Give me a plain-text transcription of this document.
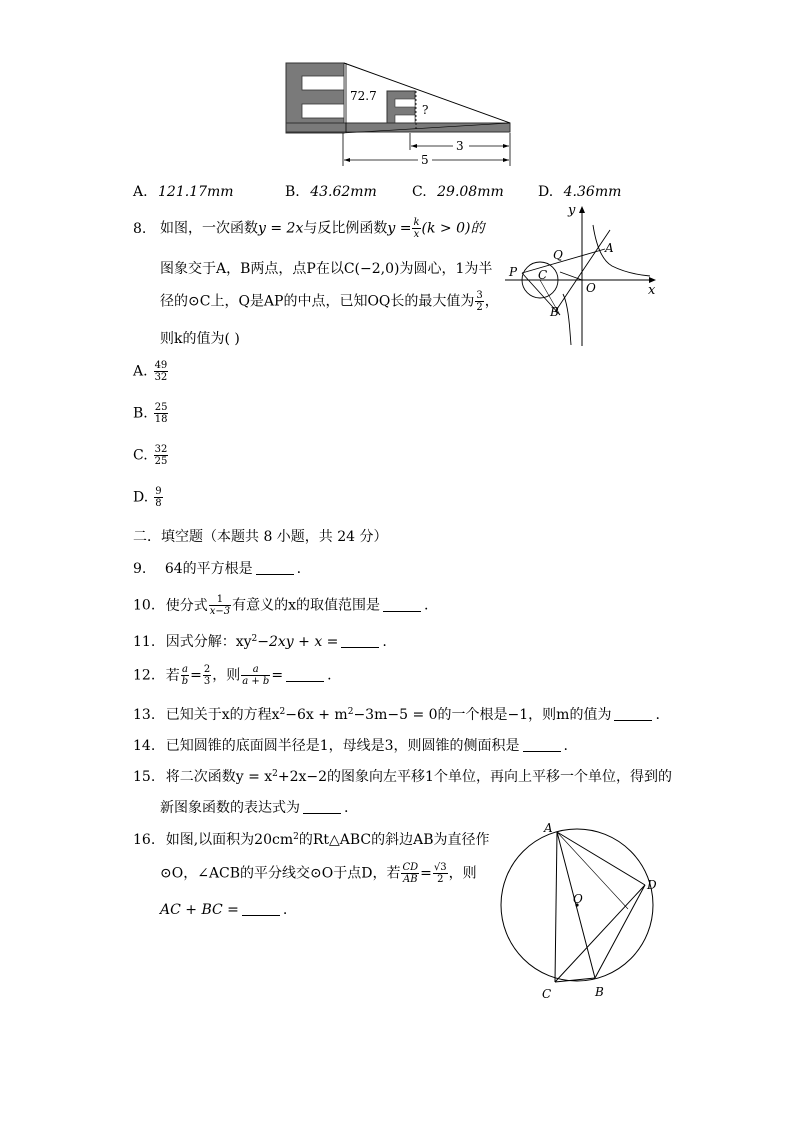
72.7
?
3
5
A. 121.17mm	B. 43.62mm	C. 29.08mm D. 4.36mm
8. 如图，一次函数y = 2x与反比例函数$y = \frac{k}{x} (k > 0)$的
图象交于A，B两点，点P在以C(−2,0)为圆心，1为半
径的⊙C上，Q是AP的中点，已知OQ长的最大值为 $\frac{3}{2}$ ，
则k的值为( )
y
x
O
A
B
C
P
Q
A. $\frac{49}{32}$
B. $\frac{25}{18}$
C. $\frac{32}{25}$
D. $\frac{9}{8}$
二．填空题（本题共 8 小题，共 24 分）
9. 64的平方根是	.
10. 使分式 $\frac{1}{x-3}$ 有意义的x的取值范围是	.
11. 因式分解：$xy^2-2xy + x$ =	.
12. 若 $\frac{a}{b} = \frac{2}{3}$ ，则 $\frac{a}{a + b}$ =	.
13. 已知关于x的方程$x^2-6x + m^2-3m-5 = 0$的一个根是−1，则m的值为	.
14. 已知圆锥的底面圆半径是1，母线是3，则圆锥的侧面积是	.
15. 将二次函数$y = x^2+2x-2$的图象向左平移1个单位，再向上平移一个单位，得到的
新图象函数的表达式为	.
16. 如图,以面积为$20cm^2$的Rt△ABC的斜边AB为直径作
⊙O，∠ACB的平分线交⊙O于点D，若 $\frac{CD}{AB} = \frac{√3}{2}$ ，则
AC + BC =	.
A
B
C
D
O
